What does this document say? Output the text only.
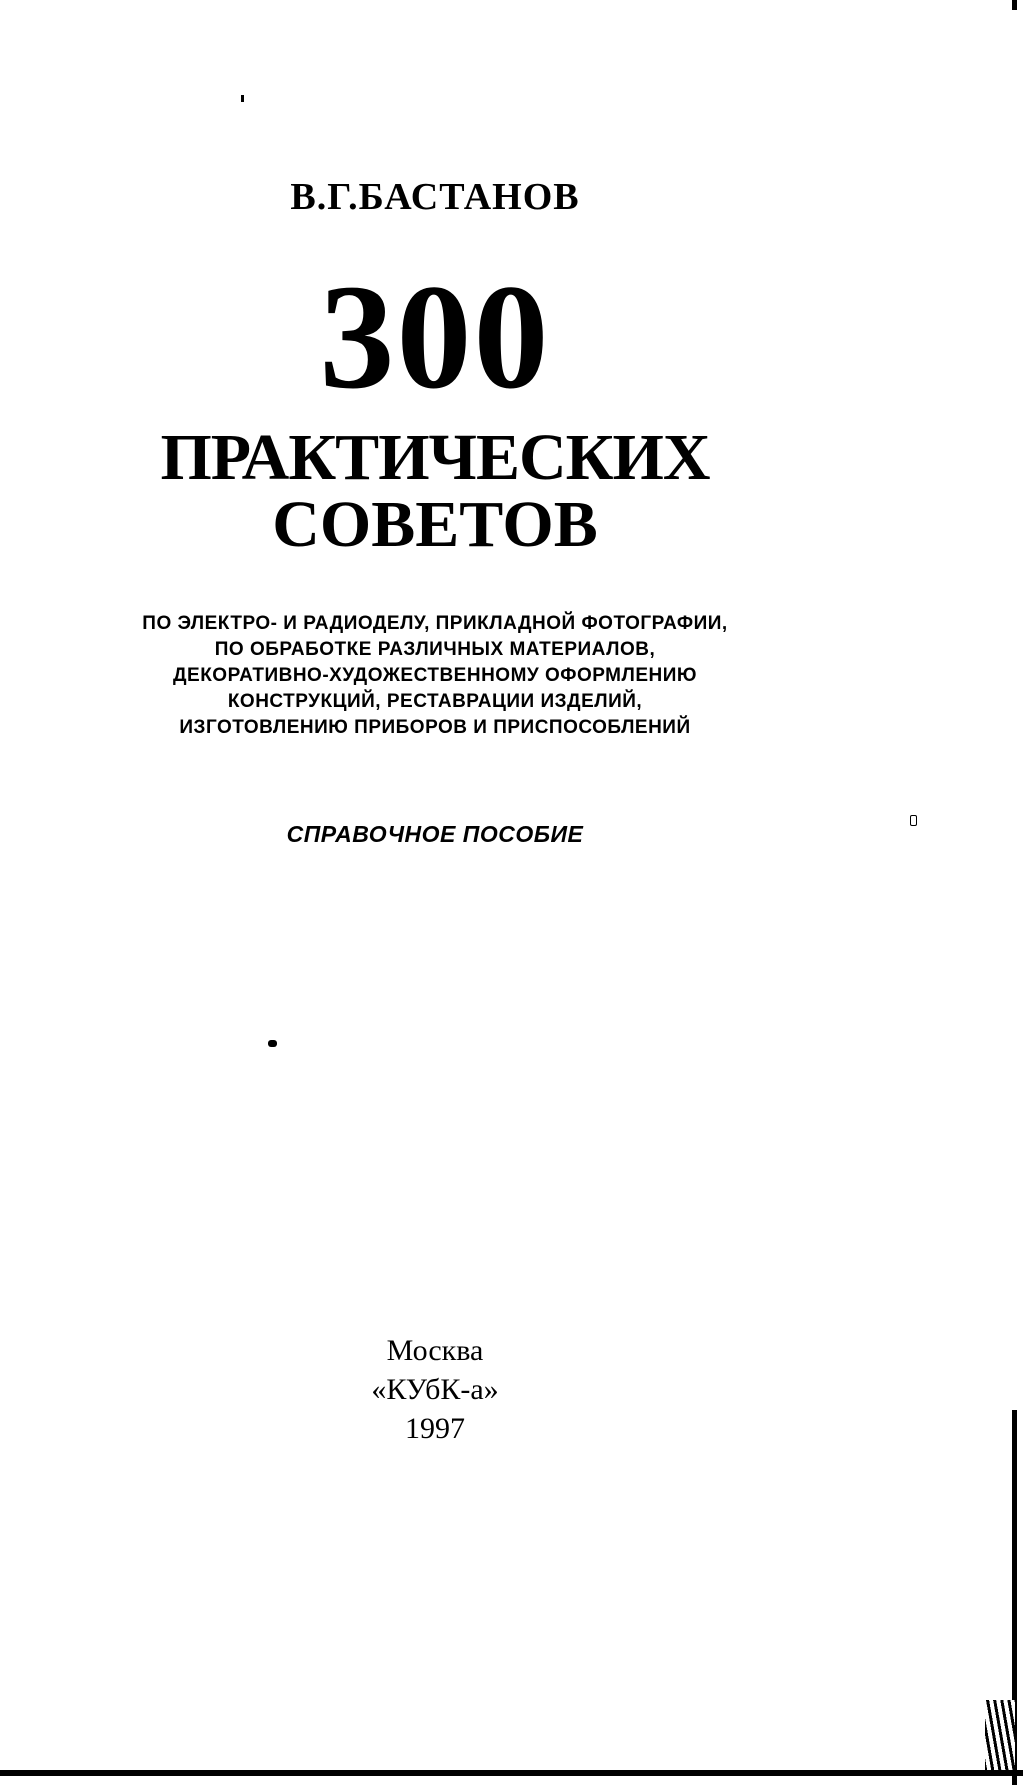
В.Г.БАСТАНОВ
300
ПРАКТИЧЕСКИХ
СОВЕТОВ
ПО ЭЛЕКТРО- И РАДИОДЕЛУ, ПРИКЛАДНОЙ ФОТОГРАФИИ,
ПО ОБРАБОТКЕ РАЗЛИЧНЫХ МАТЕРИАЛОВ,
ДЕКОРАТИВНО-ХУДОЖЕСТВЕННОМУ ОФОРМЛЕНИЮ
КОНСТРУКЦИЙ, РЕСТАВРАЦИИ ИЗДЕЛИЙ,
ИЗГОТОВЛЕНИЮ ПРИБОРОВ И ПРИСПОСОБЛЕНИЙ
СПРАВОЧНОЕ ПОСОБИЕ
Москва
«КУбК-а»
1997
